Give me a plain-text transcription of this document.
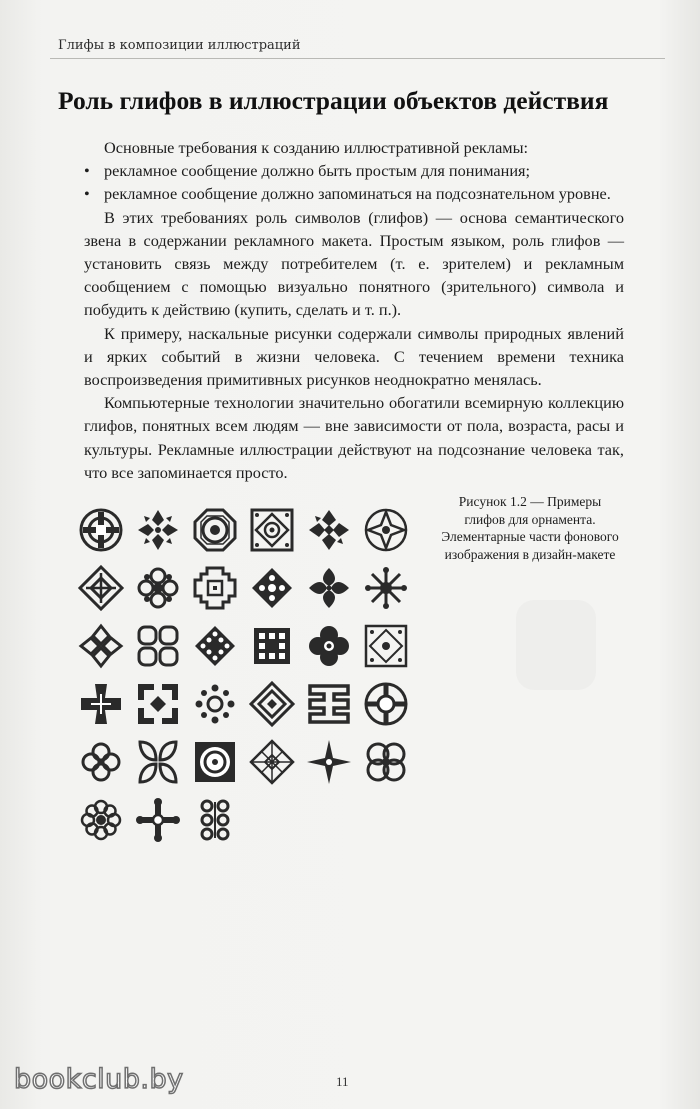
Глифы в композиции иллюстраций
Роль глифов в иллюстрации объектов действия

Основные требования к созданию иллюстративной рекламы:

• рекламное сообщение должно быть простым для понимания;
• рекламное сообщение должно запоминаться на подсознательном уровне.

В этих требованиях роль символов (глифов) — основа семантического звена в содержании рекламного макета. Простым языком, роль глифов — установить связь между потребителем (т. е. зрителем) и рекламным сообщением с помощью визуально понятного (зрительного) символа и побудить к действию (купить, сделать и т. п.).

К примеру, наскальные рисунки содержали символы природных явлений и ярких событий в жизни человека. С течением времени техника воспроизведения примитивных рисунков неоднократно менялась.

Компьютерные технологии значительно обогатили всемирную коллекцию глифов, понятных всем людям — вне зависимости от пола, возраста, расы и культуры. Рекламные иллюстрации действуют на подсознание человека так, что все запоминается просто.

Рисунок 1.2 — Примеры глифов для орнамента. Элементарные части фонового изображения в дизайн-макете
11
bookclub.by
